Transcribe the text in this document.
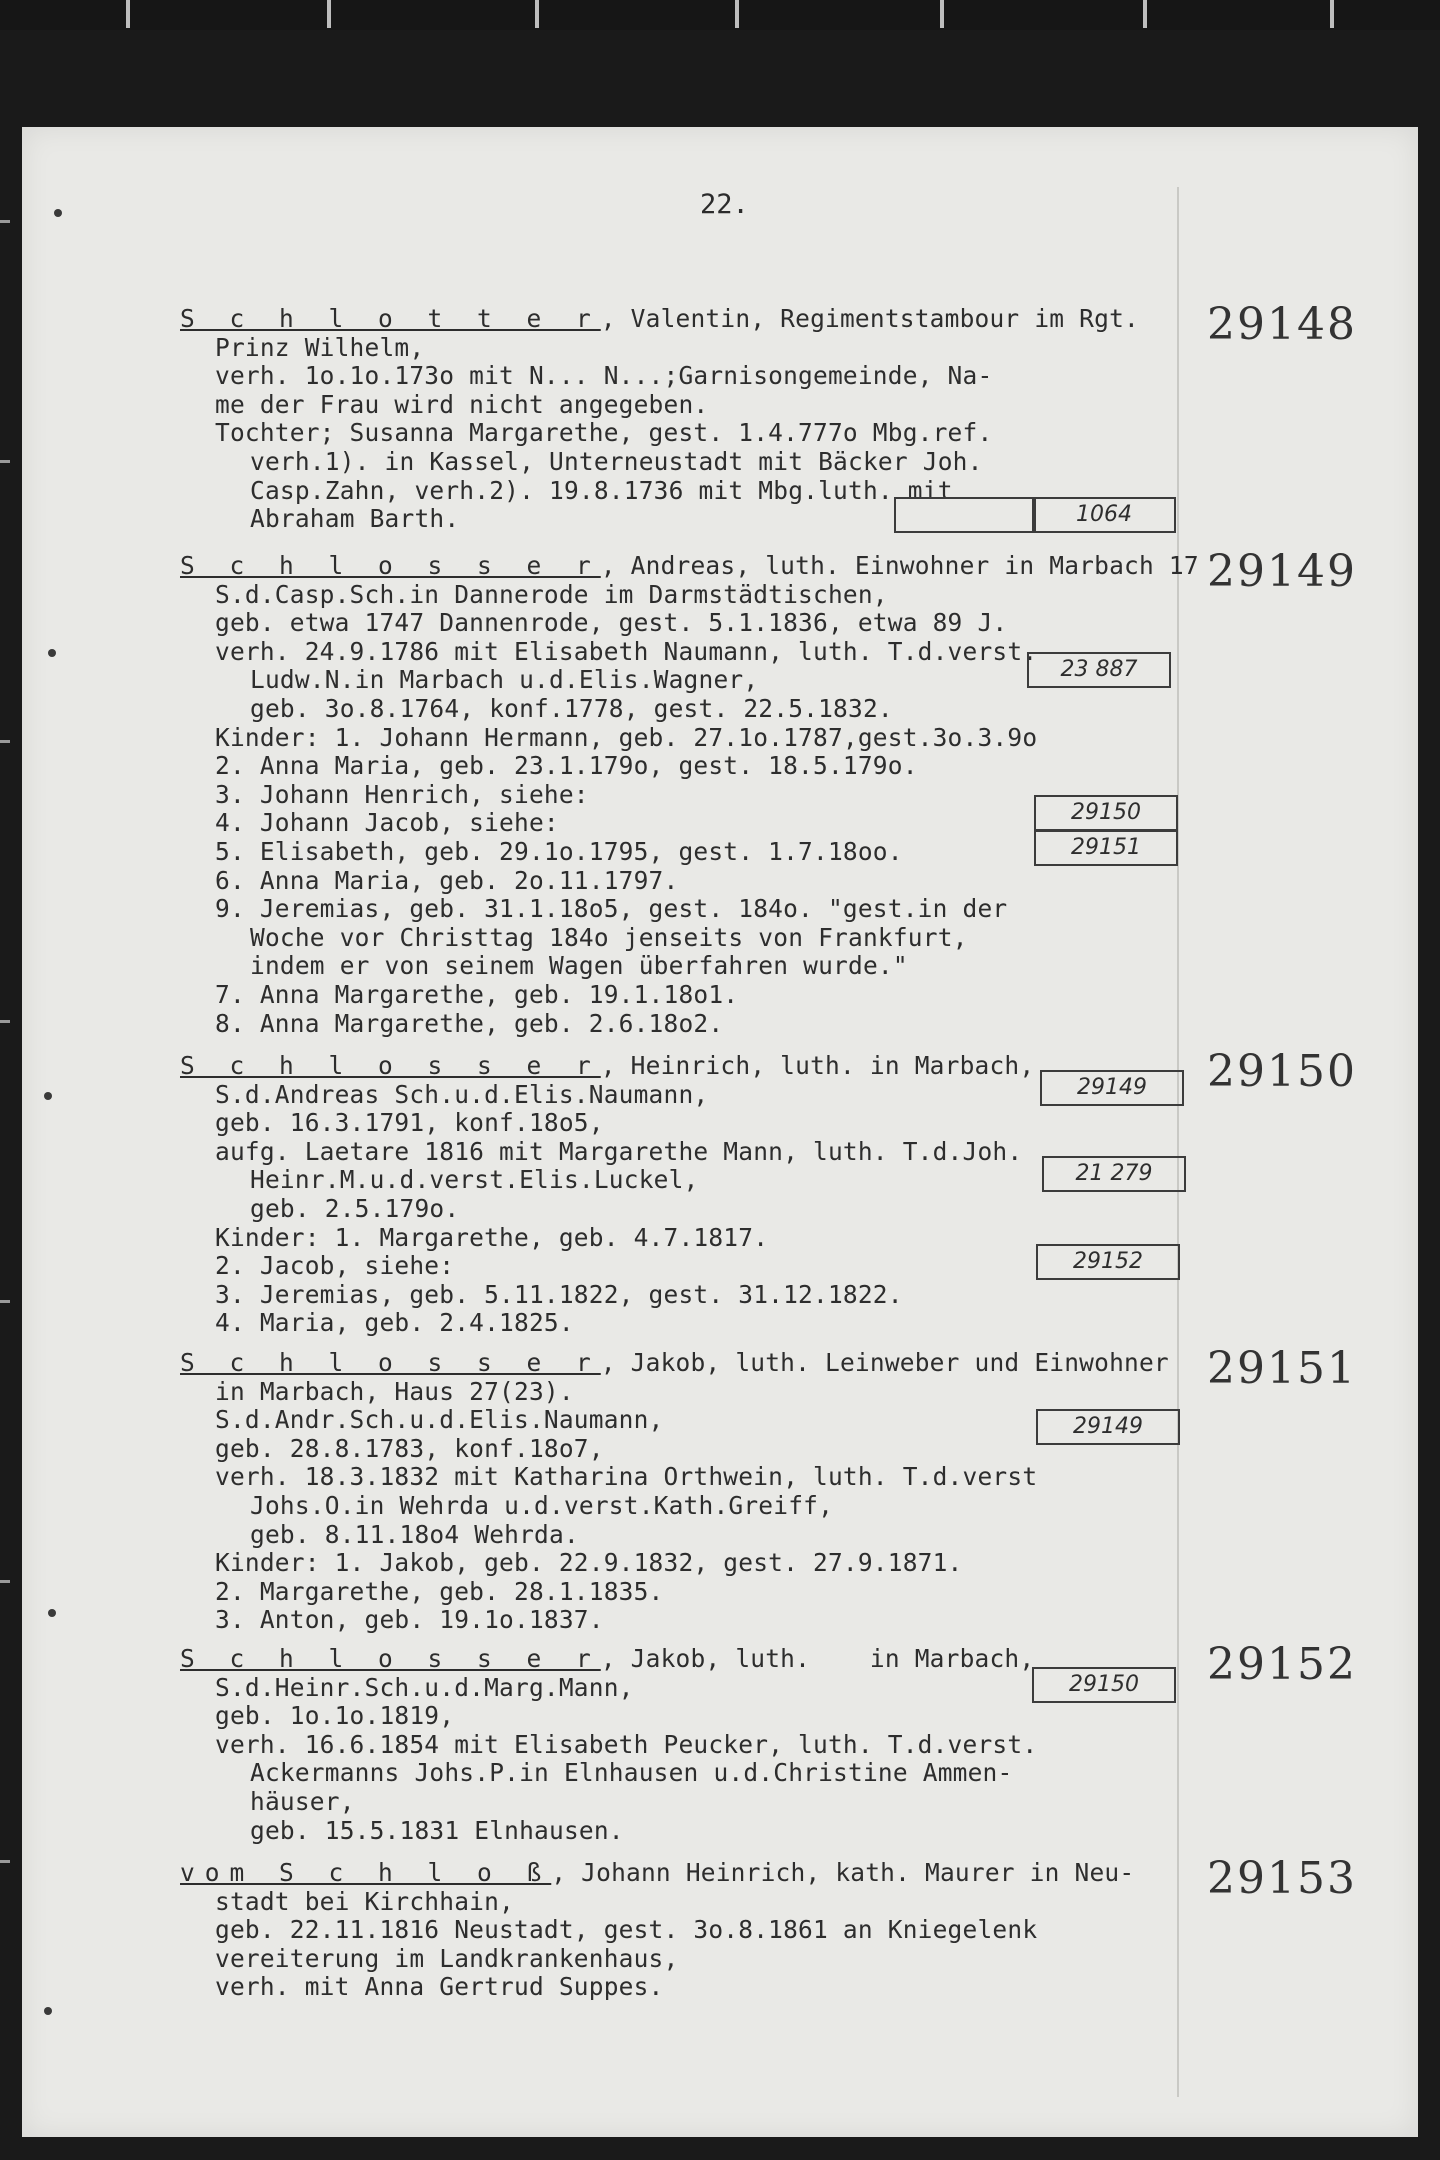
22.
29148
S c h l o t t e r, Valentin, Regimentstambour im Rgt.
Prinz Wilhelm,
verh. 1o.1o.173o mit N... N...;Garnisongemeinde, Na-
me der Frau wird nicht angegeben.
Tochter; Susanna Margarethe, gest. 1.4.777o Mbg.ref.
verh.1). in Kassel, Unterneustadt mit Bäcker Joh.
Casp.Zahn, verh.2). 19.8.1736 mit Mbg.luth. mit
Abraham Barth.	1064
29149
S c h l o s s e r, Andreas, luth. Einwohner in Marbach 17
S.d.Casp.Sch.in Dannerode im Darmstädtischen,
geb. etwa 1747 Dannenrode, gest. 5.1.1836, etwa 89 J.
verh. 24.9.1786 mit Elisabeth Naumann, luth. T.d.verst.
Ludw.N.in Marbach u.d.Elis.Wagner,
geb. 3o.8.1764, konf.1778, gest. 22.5.1832.
Kinder: 1. Johann Hermann, geb. 27.1o.1787,gest.3o.3.9o
2. Anna Maria, geb. 23.1.179o, gest. 18.5.179o.
3. Johann Henrich, siehe:
4. Johann Jacob, siehe:
5. Elisabeth, geb. 29.1o.1795, gest. 1.7.18oo.
6. Anna Maria, geb. 2o.11.1797.
9. Jeremias, geb. 31.1.18o5, gest. 184o. "gest.in der
Woche vor Christtag 184o jenseits von Frankfurt,
indem er von seinem Wagen überfahren wurde."
7. Anna Margarethe, geb. 19.1.18o1.
8. Anna Margarethe, geb. 2.6.18o2.
23 887
29150
29151
29150
S c h l o s s e r, Heinrich, luth. in Marbach,
S.d.Andreas Sch.u.d.Elis.Naumann,
geb. 16.3.1791, konf.18o5,
aufg. Laetare 1816 mit Margarethe Mann, luth. T.d.Joh.
Heinr.M.u.d.verst.Elis.Luckel,
geb. 2.5.179o.
Kinder: 1. Margarethe, geb. 4.7.1817.
2. Jacob, siehe:
3. Jeremias, geb. 5.11.1822, gest. 31.12.1822.
4. Maria, geb. 2.4.1825.
29149
21 279
29152
29151
S c h l o s s e r, Jakob, luth. Leinweber und Einwohner
in Marbach, Haus 27(23).
S.d.Andr.Sch.u.d.Elis.Naumann,
geb. 28.8.1783, konf.18o7,
verh. 18.3.1832 mit Katharina Orthwein, luth. T.d.verst
Johs.O.in Wehrda u.d.verst.Kath.Greiff,
geb. 8.11.18o4 Wehrda.
Kinder: 1. Jakob, geb. 22.9.1832, gest. 27.9.1871.
2. Margarethe, geb. 28.1.1835.
3. Anton, geb. 19.1o.1837.
29149
29152
S c h l o s s e r, Jakob, luth.    in Marbach,
S.d.Heinr.Sch.u.d.Marg.Mann,
geb. 1o.1o.1819,
verh. 16.6.1854 mit Elisabeth Peucker, luth. T.d.verst.
Ackermanns Johs.P.in Elnhausen u.d.Christine Ammen-
häuser,
geb. 15.5.1831 Elnhausen.
29150
29153
vom S c h l o ß, Johann Heinrich, kath. Maurer in Neu-
stadt bei Kirchhain,
geb. 22.11.1816 Neustadt, gest. 3o.8.1861 an Kniegelenk
vereiterung im Landkrankenhaus,
verh. mit Anna Gertrud Suppes.
